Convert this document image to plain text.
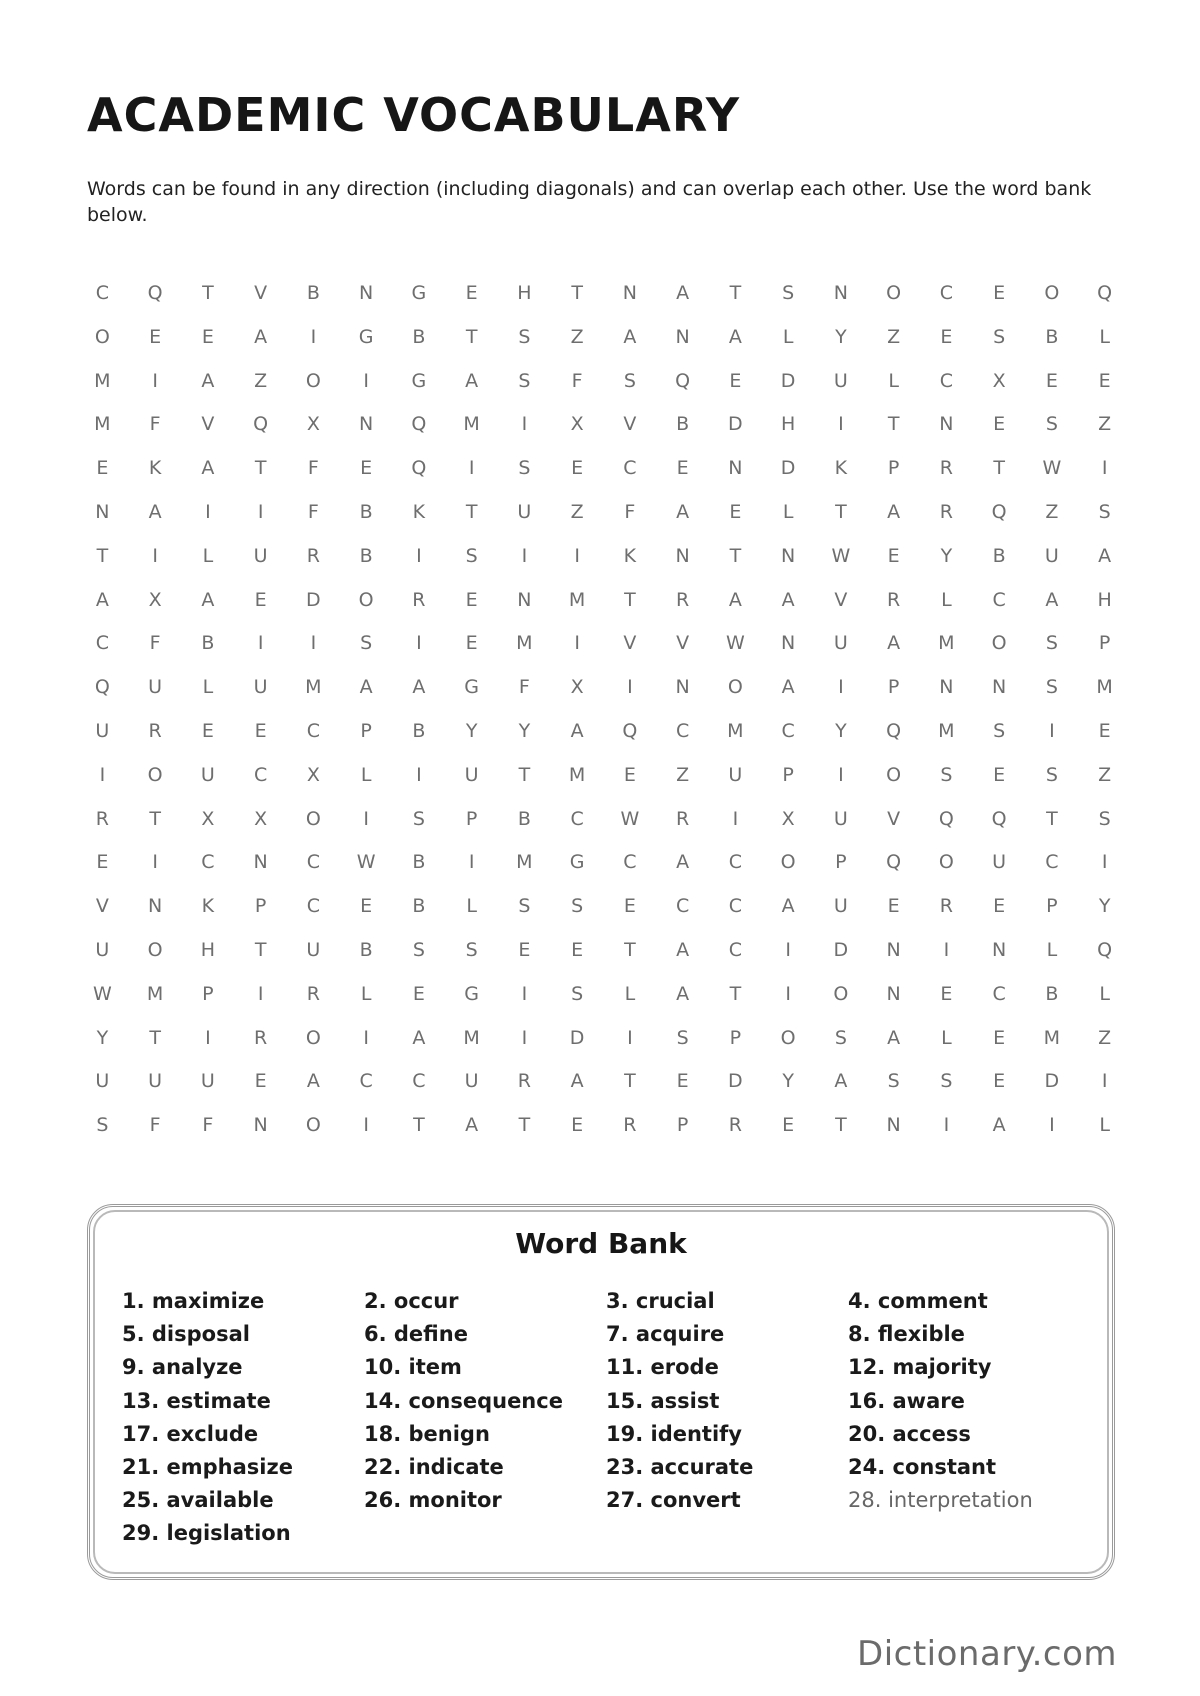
ACADEMIC VOCABULARY

Words can be found in any direction (including diagonals) and can overlap each other. Use the word bank below.

C	Q	T	V	B	N	G	E	H	T	N	A	T	S	N	O	C	E	O	Q
O	E	E	A	I	G	B	T	S	Z	A	N	A	L	Y	Z	E	S	B	L
M	I	A	Z	O	I	G	A	S	F	S	Q	E	D	U	L	C	X	E	E
M	F	V	Q	X	N	Q	M	I	X	V	B	D	H	I	T	N	E	S	Z
E	K	A	T	F	E	Q	I	S	E	C	E	N	D	K	P	R	T	W	I
N	A	I	I	F	B	K	T	U	Z	F	A	E	L	T	A	R	Q	Z	S
T	I	L	U	R	B	I	S	I	I	K	N	T	N	W	E	Y	B	U	A
A	X	A	E	D	O	R	E	N	M	T	R	A	A	V	R	L	C	A	H
C	F	B	I	I	S	I	E	M	I	V	V	W	N	U	A	M	O	S	P
Q	U	L	U	M	A	A	G	F	X	I	N	O	A	I	P	N	N	S	M
U	R	E	E	C	P	B	Y	Y	A	Q	C	M	C	Y	Q	M	S	I	E
I	O	U	C	X	L	I	U	T	M	E	Z	U	P	I	O	S	E	S	Z
R	T	X	X	O	I	S	P	B	C	W	R	I	X	U	V	Q	Q	T	S
E	I	C	N	C	W	B	I	M	G	C	A	C	O	P	Q	O	U	C	I
V	N	K	P	C	E	B	L	S	S	E	C	C	A	U	E	R	E	P	Y
U	O	H	T	U	B	S	S	E	E	T	A	C	I	D	N	I	N	L	Q
W	M	P	I	R	L	E	G	I	S	L	A	T	I	O	N	E	C	B	L
Y	T	I	R	O	I	A	M	I	D	I	S	P	O	S	A	L	E	M	Z
U	U	U	E	A	C	C	U	R	A	T	E	D	Y	A	S	S	E	D	I
S	F	F	N	O	I	T	A	T	E	R	P	R	E	T	N	I	A	I	L
Word Bank
1. maximize	2. occur	3. crucial	4. comment
5. disposal	6. define	7. acquire	8. flexible
9. analyze	10. item	11. erode	12. majority
13. estimate	14. consequence	15. assist	16. aware
17. exclude	18. benign	19. identify	20. access
21. emphasize	22. indicate	23. accurate	24. constant
25. available	26. monitor	27. convert	28. interpretation
29. legislation
Dictionary.com
